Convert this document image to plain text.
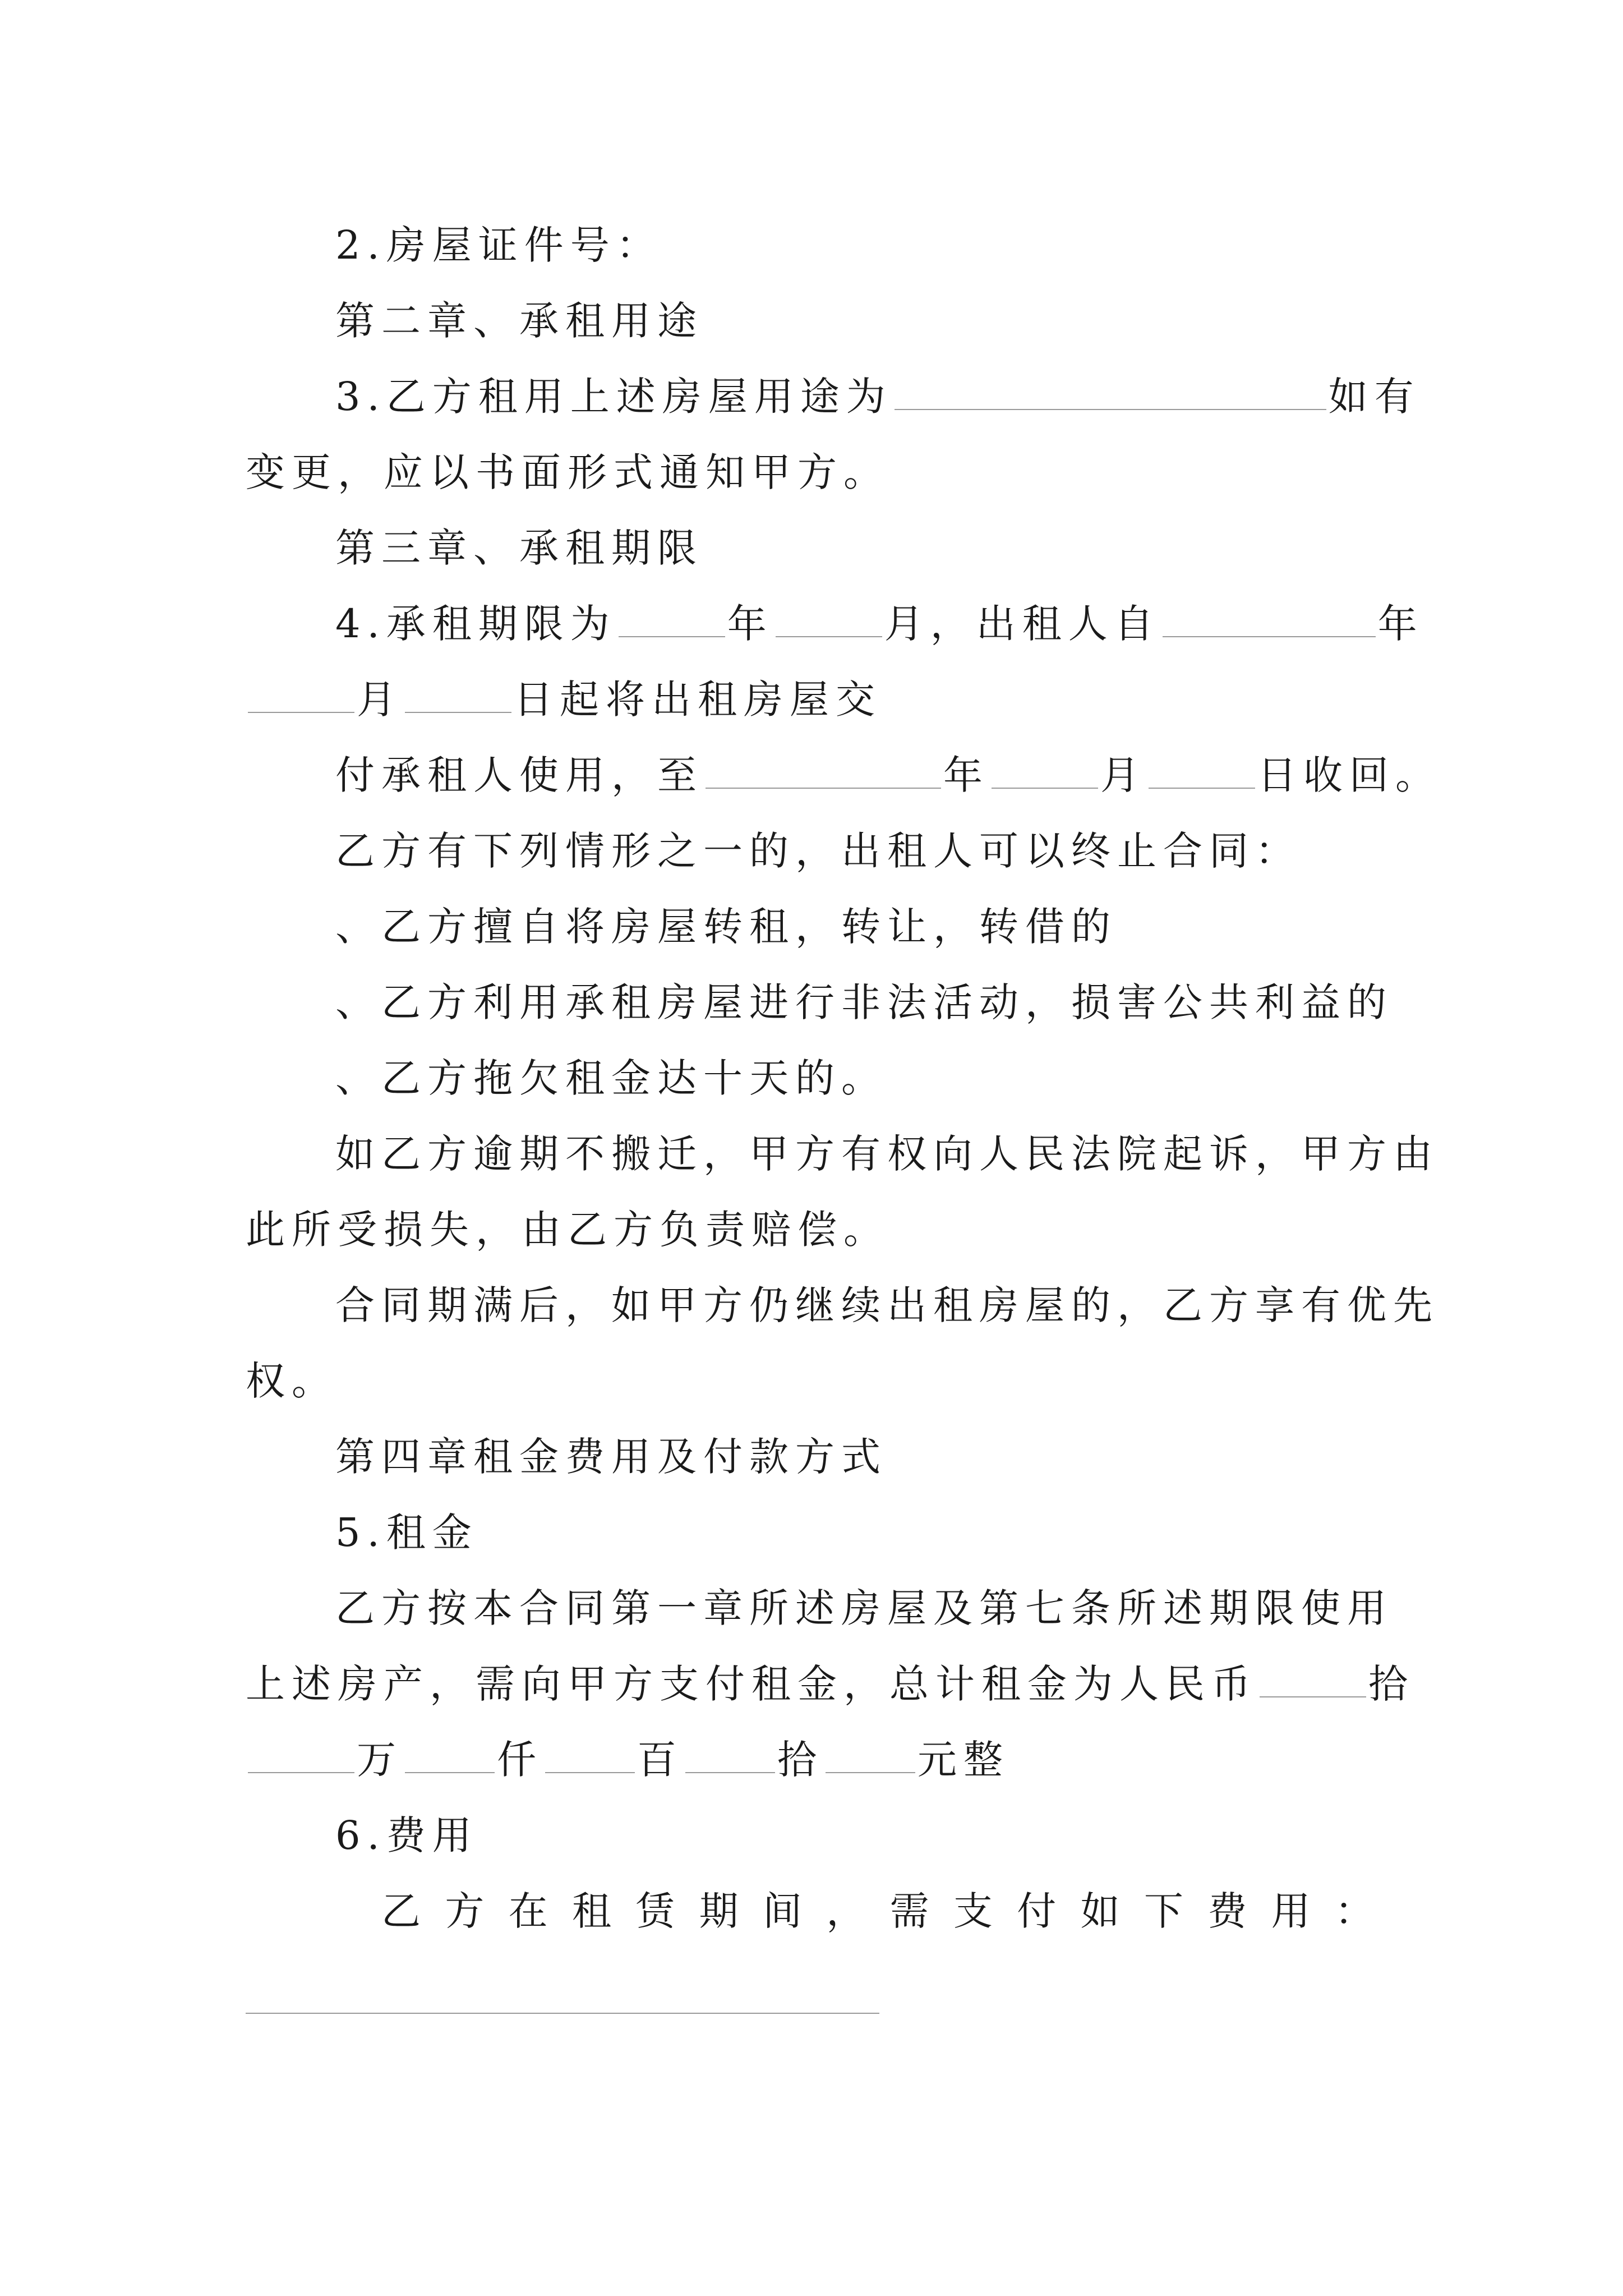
2.房屋证件号：
第二章、承租用途
3.乙方租用上述房屋用途为	如有
变更，应以书面形式通知甲方。
第三章、承租期限
4.承租期限为	年	月，出租人自	年
月	日起将出租房屋交
付承租人使用，至	年	月	日收回。
乙方有下列情形之一的，出租人可以终止合同：
、乙方擅自将房屋转租，转让，转借的
、乙方利用承租房屋进行非法活动，损害公共利益的
、乙方拖欠租金达十天的。
如乙方逾期不搬迁，甲方有权向人民法院起诉，甲方由
此所受损失，由乙方负责赔偿。
合同期满后，如甲方仍继续出租房屋的，乙方享有优先
权。
第四章租金费用及付款方式
5.租金
乙方按本合同第一章所述房屋及第七条所述期限使用
上述房产，需向甲方支付租金，总计租金为人民币	拾
万 仟 百 拾 元整
6.费用
乙 方 在 租 赁 期 间 ， 需 支 付 如 下 费 用 ：
